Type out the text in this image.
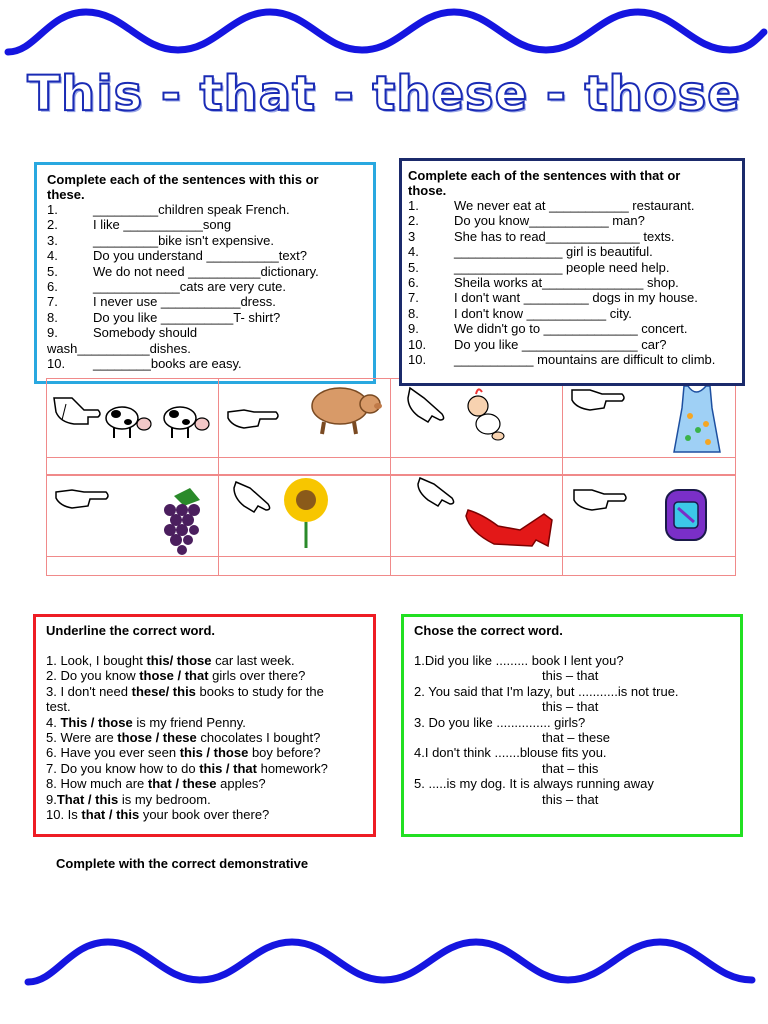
This - that - these - those
Complete each of the sentences with this or
these.
1.	_________children speak French.
2.	I like ___________song
3.	_________bike isn't expensive.
4.	Do you understand __________text?
5.	We do not need __________dictionary.
6.	____________cats are very cute.
7.	I never use ___________dress.
8.	Do you like __________T- shirt?
9.	Somebody should
wash__________dishes.
10. ________books are easy.
Complete each of the sentences with that or
those.
1.	We never eat at ___________ restaurant.
2.	Do you know___________ man?
3	She has to read_____________ texts.
4.	_______________ girl is beautiful.
5.	_______________ people need help.
6.	Sheila works at______________ shop.
7.	I don't want _________ dogs in my house.
8.	I don't know ___________ city.
9.	We didn't go to _____________ concert.
10. Do you like ________________ car?
10. ___________ mountains are difficult to climb.
Underline the correct word.
1. Look, I bought this/ those car last week.
2. Do you know those / that girls over there?
3. I don't need these/ this books to study for the
test.
4. This / those is my friend Penny.
5. Were are those / these chocolates I bought?
6. Have you ever seen this / those boy before?
7. Do you know how to do this / that homework?
8. How much are that / these apples?
9.That / this is my bedroom.
10. Is that / this your book over there?
Chose the correct word.
1.Did you like ......... book I lent you?
this – that
2. You said that I'm lazy, but ...........is not true.
this – that
3. Do you like ............... girls?
that – these
4.I don't think .......blouse fits you.
that – this
5. .....is my dog. It is always running away
this – that
Complete with the correct demonstrative
